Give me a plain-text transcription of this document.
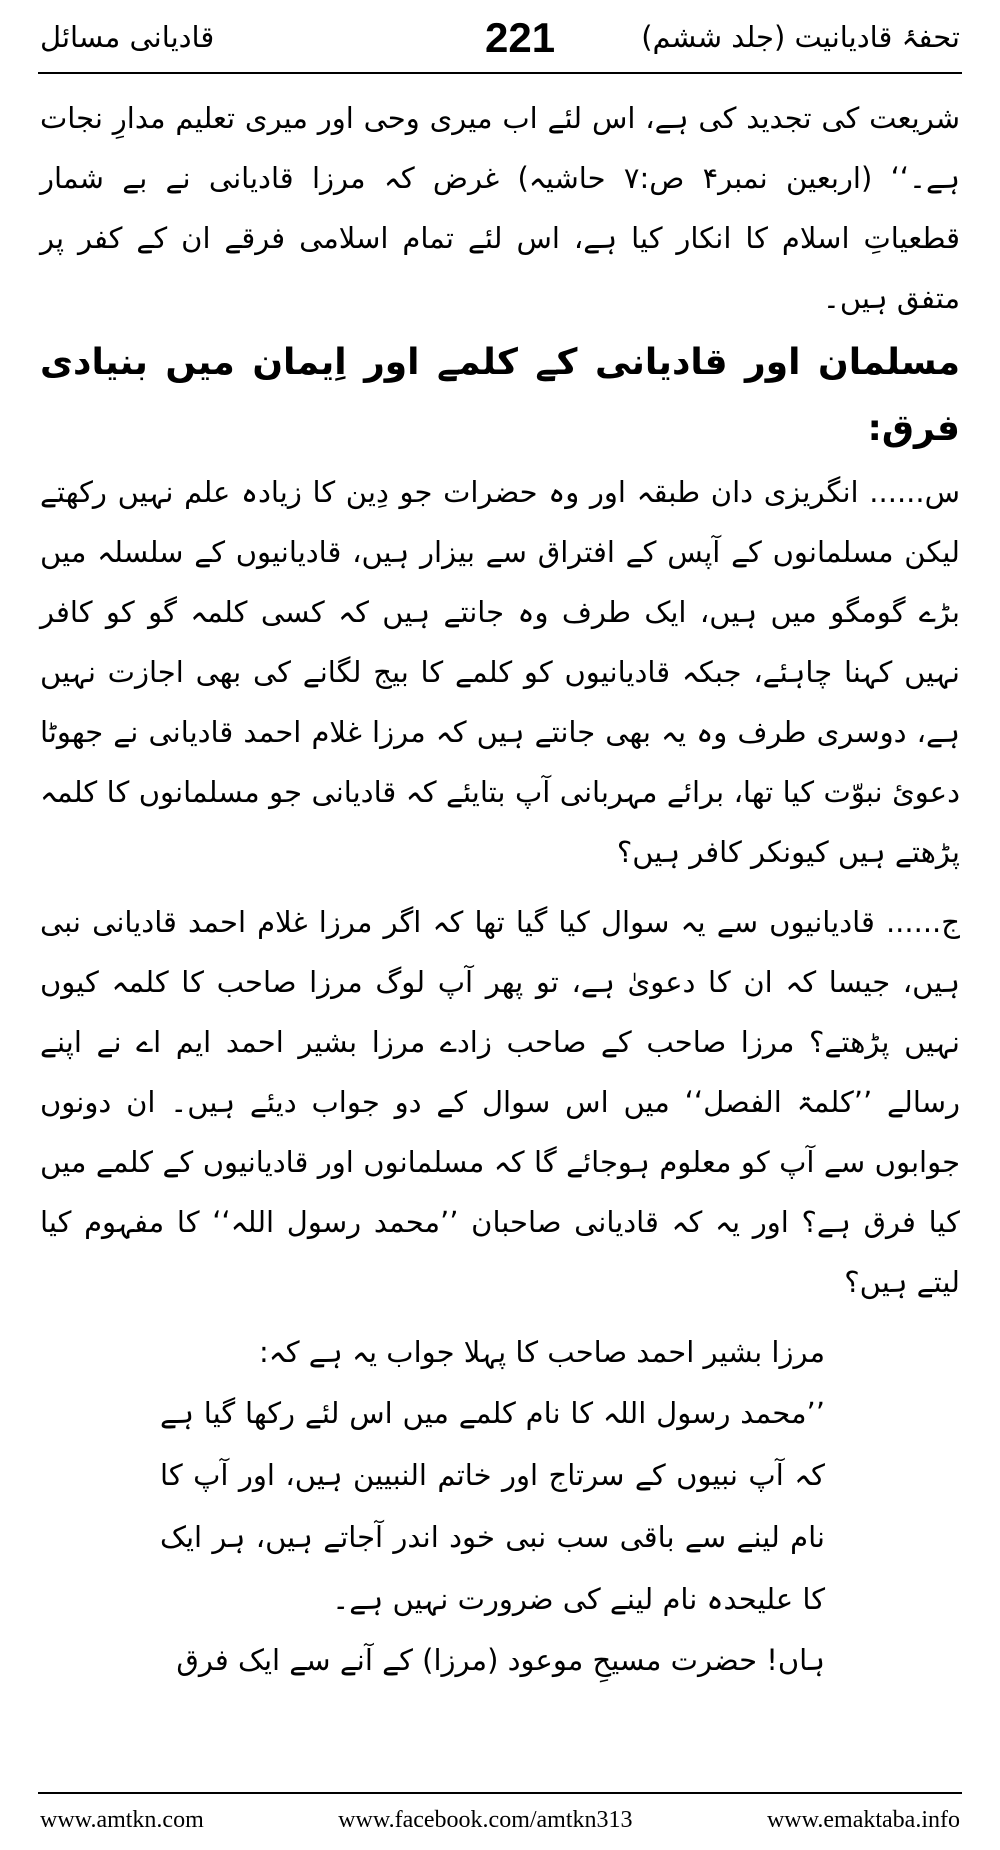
قادیانی مسائل	221	تحفۂ قادیانیت (جلد ششم)

شریعت کی تجدید کی ہے، اس لئے اب میری وحی اور میری تعلیم مدارِ نجات ہے۔‘‘ (اربعین نمبر۴ ص:۷ حاشیہ) غرض کہ مرزا قادیانی نے بے شمار قطعیاتِ اسلام کا انکار کیا ہے، اس لئے تمام اسلامی فرقے ان کے کفر پر متفق ہیں۔

مسلمان اور قادیانی کے کلمے اور اِیمان میں بنیادی فرق:

س...... انگریزی دان طبقہ اور وہ حضرات جو دِین کا زیادہ علم نہیں رکھتے لیکن مسلمانوں کے آپس کے افتراق سے بیزار ہیں، قادیانیوں کے سلسلہ میں بڑے گومگو میں ہیں، ایک طرف وہ جانتے ہیں کہ کسی کلمہ گو کو کافر نہیں کہنا چاہئے، جبکہ قادیانیوں کو کلمے کا بیج لگانے کی بھی اجازت نہیں ہے، دوسری طرف وہ یہ بھی جانتے ہیں کہ مرزا غلام احمد قادیانی نے جھوٹا دعویٔ نبوّت کیا تھا، برائے مہربانی آپ بتایئے کہ قادیانی جو مسلمانوں کا کلمہ پڑھتے ہیں کیونکر کافر ہیں؟

ج...... قادیانیوں سے یہ سوال کیا گیا تھا کہ اگر مرزا غلام احمد قادیانی نبی ہیں، جیسا کہ ان کا دعویٰ ہے، تو پھر آپ لوگ مرزا صاحب کا کلمہ کیوں نہیں پڑھتے؟ مرزا صاحب کے صاحب زادے مرزا بشیر احمد ایم اے نے اپنے رسالے ’’کلمۃ الفصل‘‘ میں اس سوال کے دو جواب دیئے ہیں۔ ان دونوں جوابوں سے آپ کو معلوم ہوجائے گا کہ مسلمانوں اور قادیانیوں کے کلمے میں کیا فرق ہے؟ اور یہ کہ قادیانی صاحبان ’’محمد رسول اللہ‘‘ کا مفہوم کیا لیتے ہیں؟

مرزا بشیر احمد صاحب کا پہلا جواب یہ ہے کہ:

’’محمد رسول اللہ کا نام کلمے میں اس لئے رکھا گیا ہے کہ آپ نبیوں کے سرتاج اور خاتم النبیین ہیں، اور آپ کا نام لینے سے باقی سب نبی خود اندر آجاتے ہیں، ہر ایک کا علیحدہ نام لینے کی ضرورت نہیں ہے۔

ہاں! حضرت مسیحِ موعود (مرزا) کے آنے سے ایک فرق

www.amtkn.com	www.facebook.com/amtkn313	www.emaktaba.info
